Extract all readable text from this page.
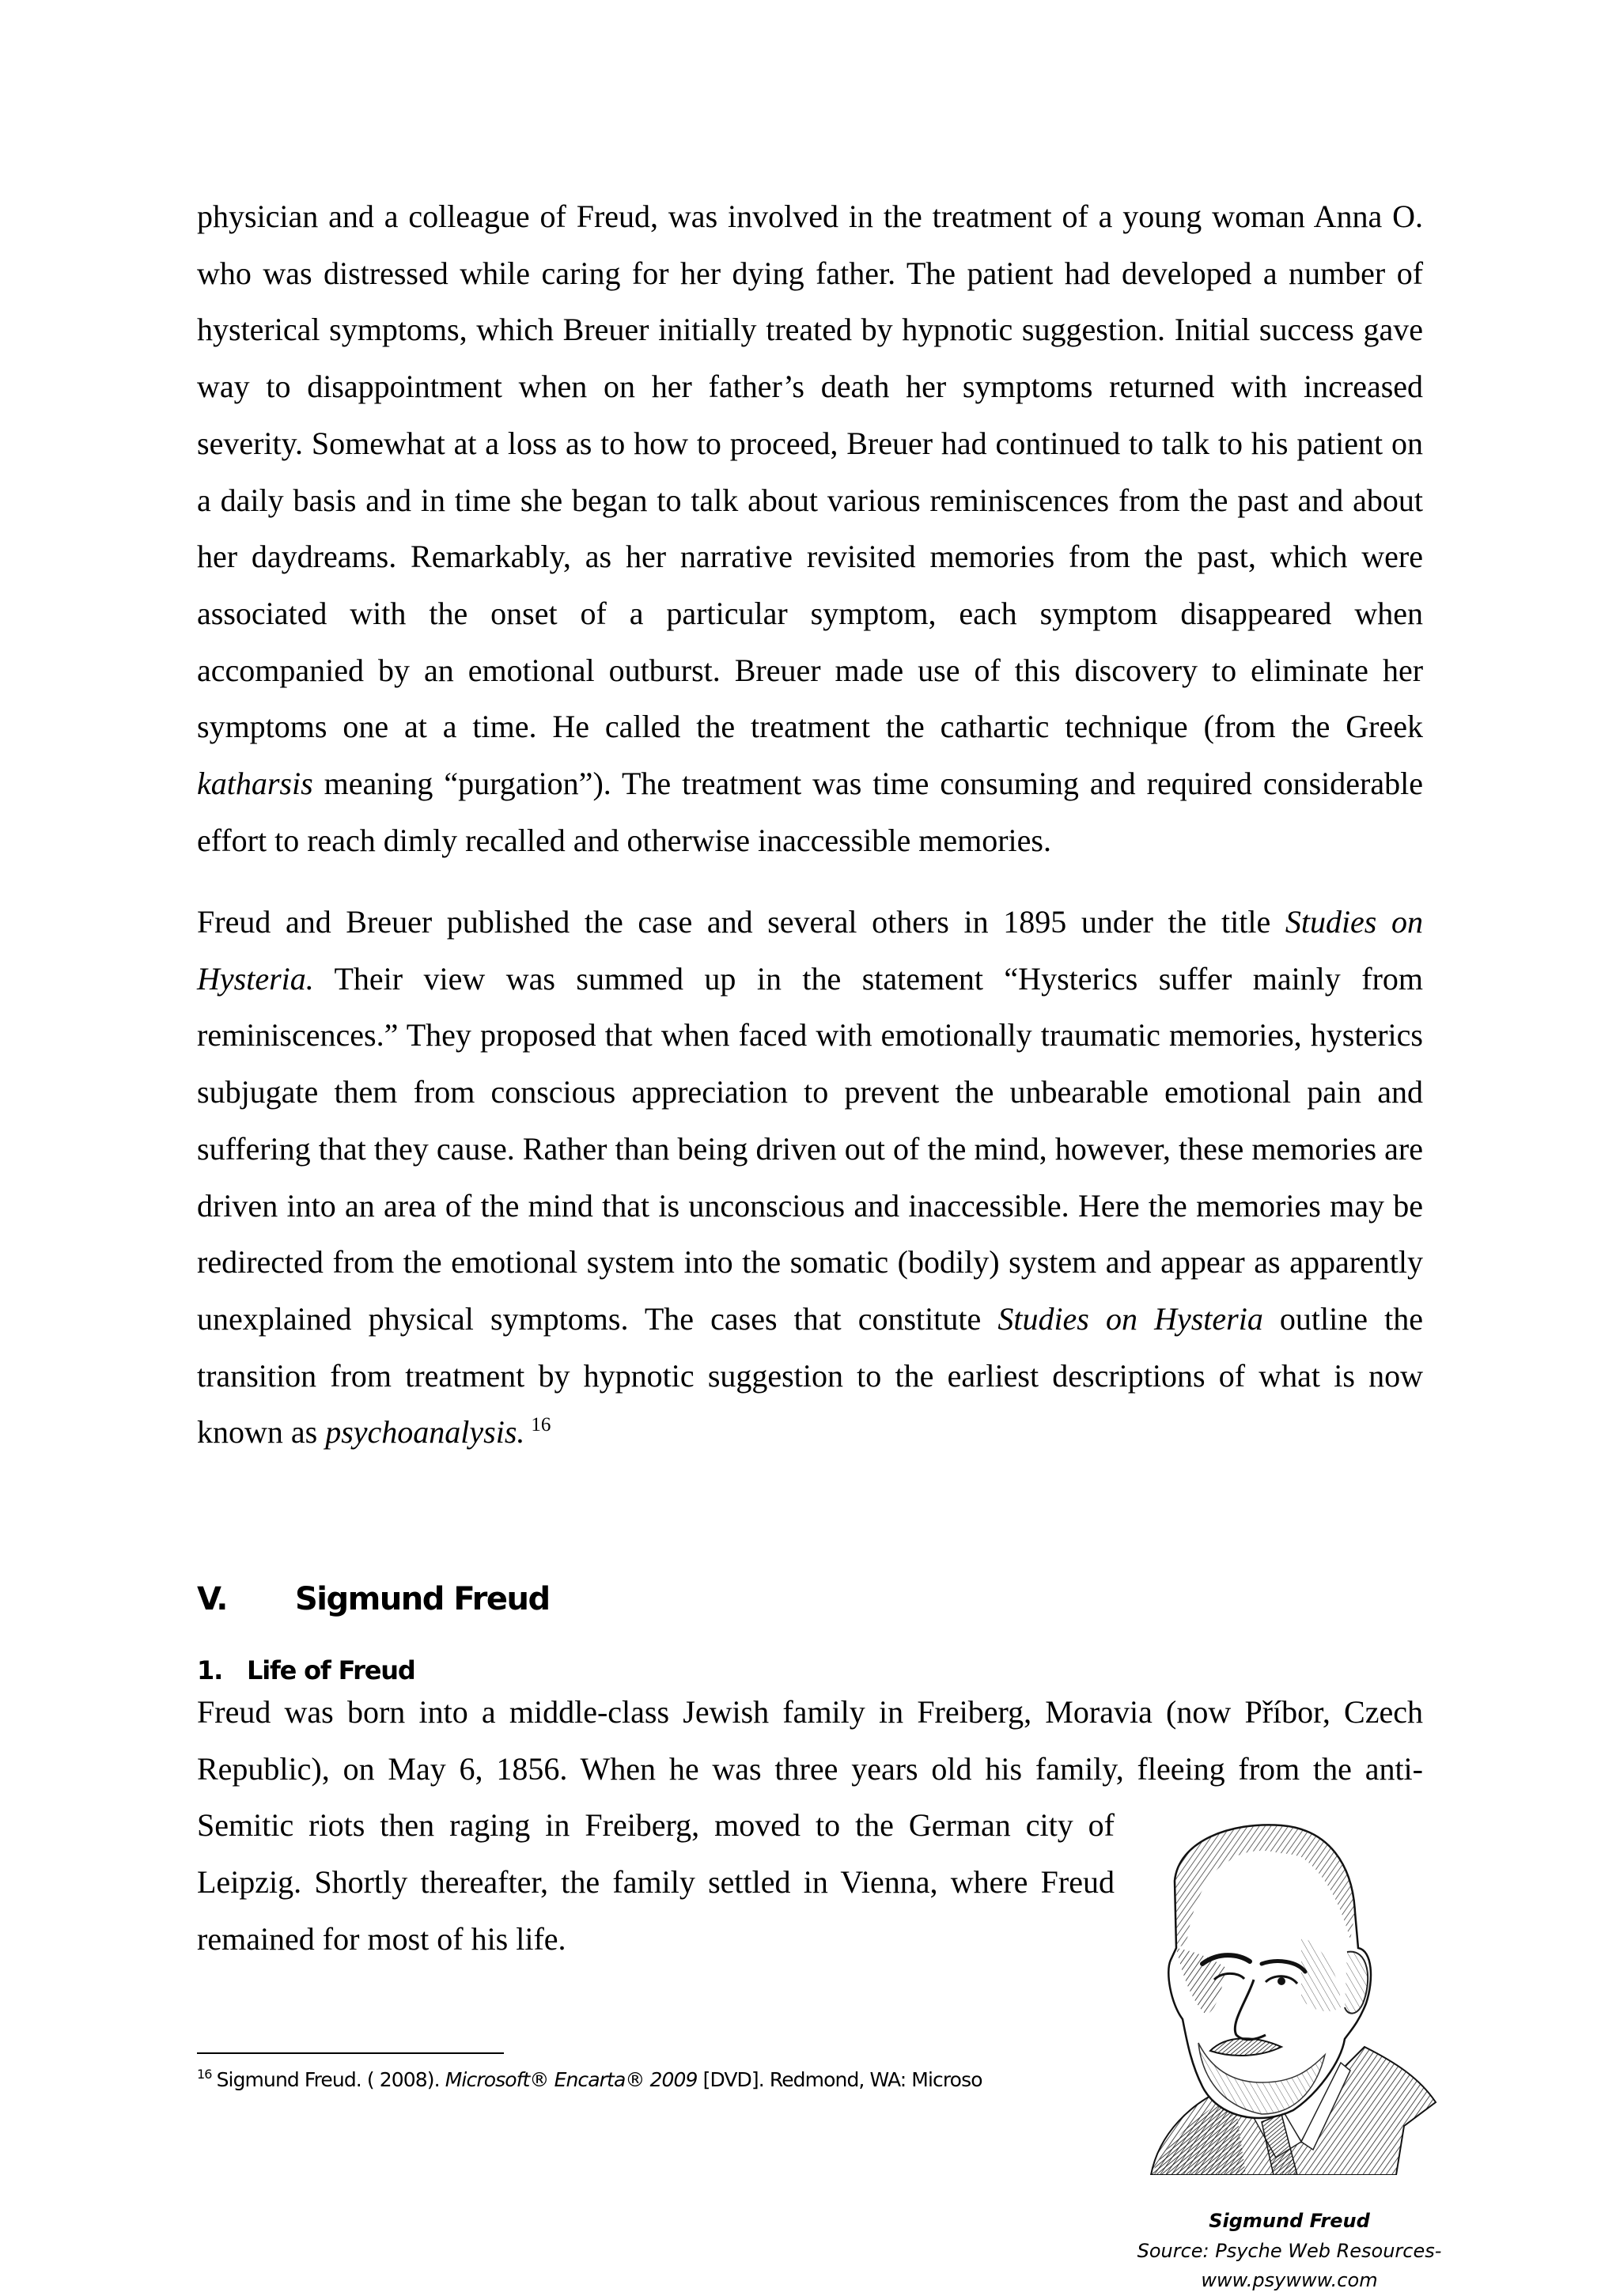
physician and a colleague of Freud, was involved in the treatment of a young woman Anna O. who was distressed while caring for her dying father. The patient had developed a number of hysterical symptoms, which Breuer initially treated by hypnotic suggestion. Initial success gave way to disappointment when on her father’s death her symptoms returned with increased severity. Somewhat at a loss as to how to proceed, Breuer had continued to talk to his patient on a daily basis and in time she began to talk about various reminiscences from the past and about her daydreams. Remarkably, as her narrative revisited memories from the past, which were associated with the onset of a particular symptom, each symptom disappeared when accompanied by an emotional outburst. Breuer made use of this discovery to eliminate her symptoms one at a time. He called the treatment the cathartic technique (from the Greek katharsis meaning “purgation”). The treatment was time consuming and required considerable effort to reach dimly recalled and otherwise inaccessible memories.

Freud and Breuer published the case and several others in 1895 under the title Studies on Hysteria. Their view was summed up in the statement “Hysterics suffer mainly from reminiscences.” They proposed that when faced with emotionally traumatic memories, hysterics subjugate them from conscious appreciation to prevent the unbearable emotional pain and suffering that they cause. Rather than being driven out of the mind, however, these memories are driven into an area of the mind that is unconscious and inaccessible. Here the memories may be redirected from the emotional system into the somatic (bodily) system and appear as apparently unexplained physical symptoms. The cases that constitute Studies on Hysteria outline the transition from treatment by hypnotic suggestion to the earliest descriptions of what is now known as psychoanalysis. $^{16}$

V. Sigmund Freud
1. Life of Freud
Freud was born into a middle-class Jewish family in Freiberg, Moravia (now Příbor, Czech
Republic), on May 6, 1856. When he was three years old his family, fleeing from the anti-
Semitic riots then raging in Freiberg, moved to the German city of
Leipzig. Shortly thereafter, the family settled in Vienna, where Freud
remained for most of his life.
Sigmund Freud
Source: Psyche Web Resources-
www.psywww.com
$^{16}$ Sigmund Freud. ( 2008). Microsoft® Encarta® 2009 [DVD]. Redmond, WA: Microso
